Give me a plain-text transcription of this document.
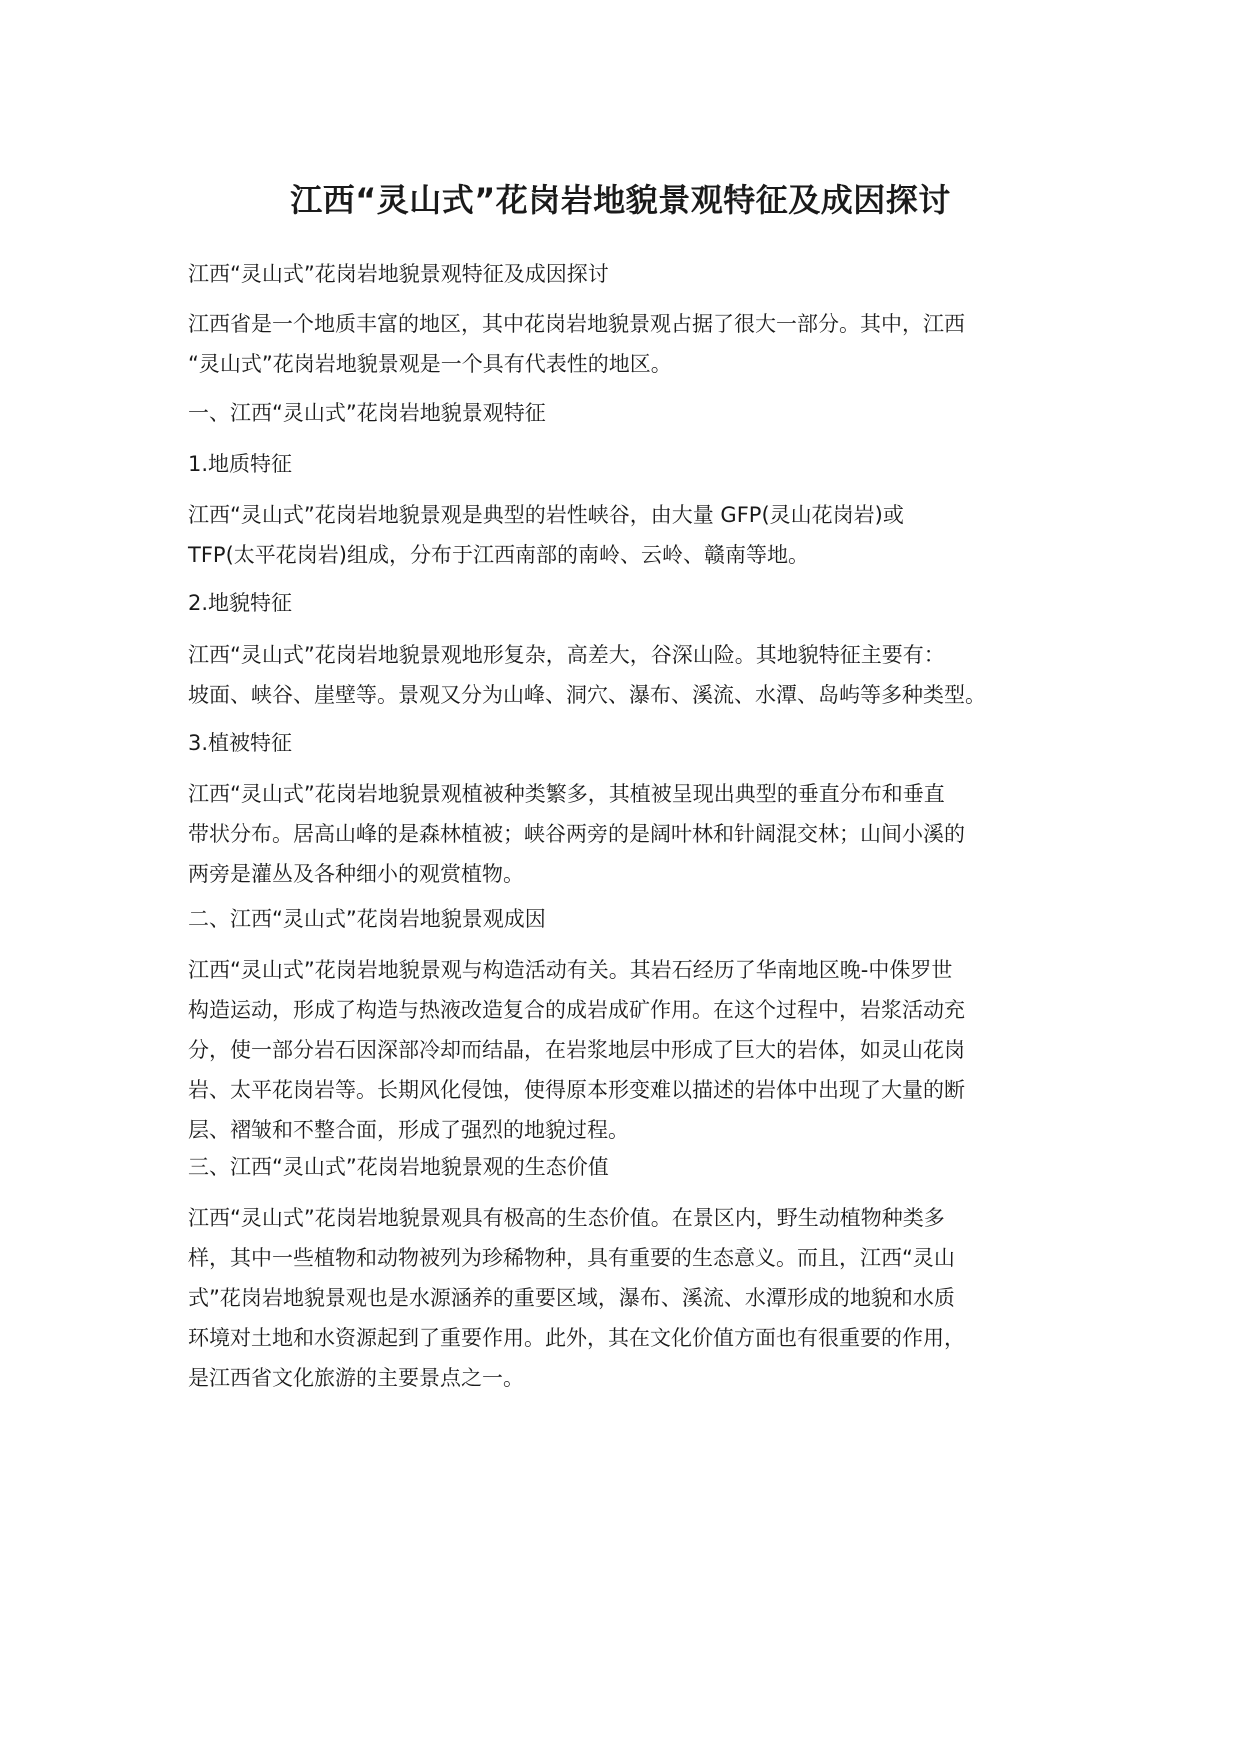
江西“灵山式”花岗岩地貌景观特征及成因探讨
江西“灵山式”花岗岩地貌景观特征及成因探讨
江西省是一个地质丰富的地区，其中花岗岩地貌景观占据了很大一部分。其中，江西
“灵山式”花岗岩地貌景观是一个具有代表性的地区。
一、江西“灵山式”花岗岩地貌景观特征
1.地质特征
江西“灵山式”花岗岩地貌景观是典型的岩性峡谷，由大量 GFP(灵山花岗岩)或
TFP(太平花岗岩)组成，分布于江西南部的南岭、云岭、赣南等地。
2.地貌特征
江西“灵山式”花岗岩地貌景观地形复杂，高差大，谷深山险。其地貌特征主要有：
坡面、峡谷、崖壁等。景观又分为山峰、洞穴、瀑布、溪流、水潭、岛屿等多种类型。
3.植被特征
江西“灵山式”花岗岩地貌景观植被种类繁多，其植被呈现出典型的垂直分布和垂直
带状分布。居高山峰的是森林植被；峡谷两旁的是阔叶林和针阔混交林；山间小溪的
两旁是灌丛及各种细小的观赏植物。
二、江西“灵山式”花岗岩地貌景观成因
江西“灵山式”花岗岩地貌景观与构造活动有关。其岩石经历了华南地区晚-中侏罗世
构造运动，形成了构造与热液改造复合的成岩成矿作用。在这个过程中，岩浆活动充
分，使一部分岩石因深部冷却而结晶，在岩浆地层中形成了巨大的岩体，如灵山花岗
岩、太平花岗岩等。长期风化侵蚀，使得原本形变难以描述的岩体中出现了大量的断
层、褶皱和不整合面，形成了强烈的地貌过程。
三、江西“灵山式”花岗岩地貌景观的生态价值
江西“灵山式”花岗岩地貌景观具有极高的生态价值。在景区内，野生动植物种类多
样，其中一些植物和动物被列为珍稀物种，具有重要的生态意义。而且，江西“灵山
式”花岗岩地貌景观也是水源涵养的重要区域，瀑布、溪流、水潭形成的地貌和水质
环境对土地和水资源起到了重要作用。此外，其在文化价值方面也有很重要的作用，
是江西省文化旅游的主要景点之一。
